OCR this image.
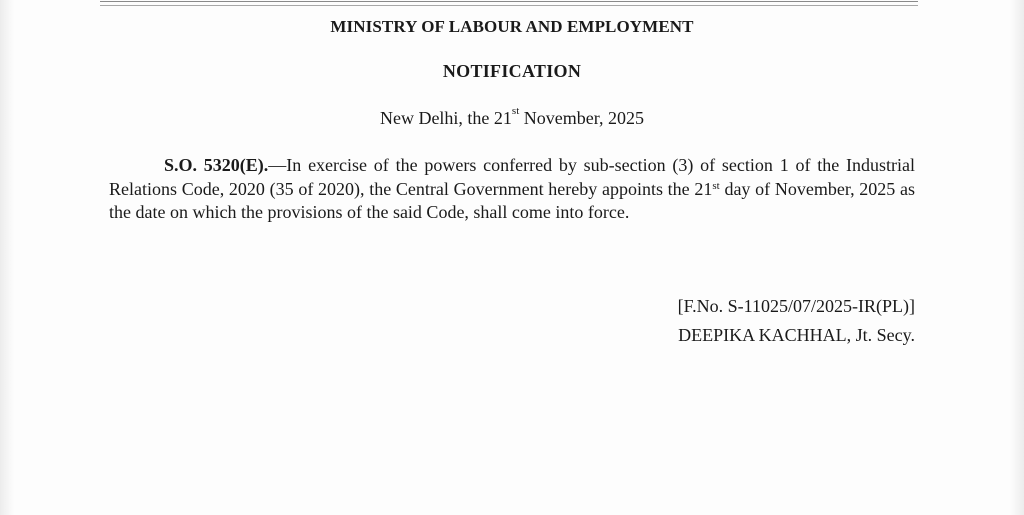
MINISTRY OF LABOUR AND EMPLOYMENT
NOTIFICATION
New Delhi, the 21st November, 2025
S.O. 5320(E).—In exercise of the powers conferred by sub-section (3) of section 1 of the Industrial Relations Code, 2020 (35 of 2020), the Central Government hereby appoints the 21st day of November, 2025 as the date on which the provisions of the said Code, shall come into force.
[F.No. S-11025/07/2025-IR(PL)]
DEEPIKA KACHHAL, Jt. Secy.
